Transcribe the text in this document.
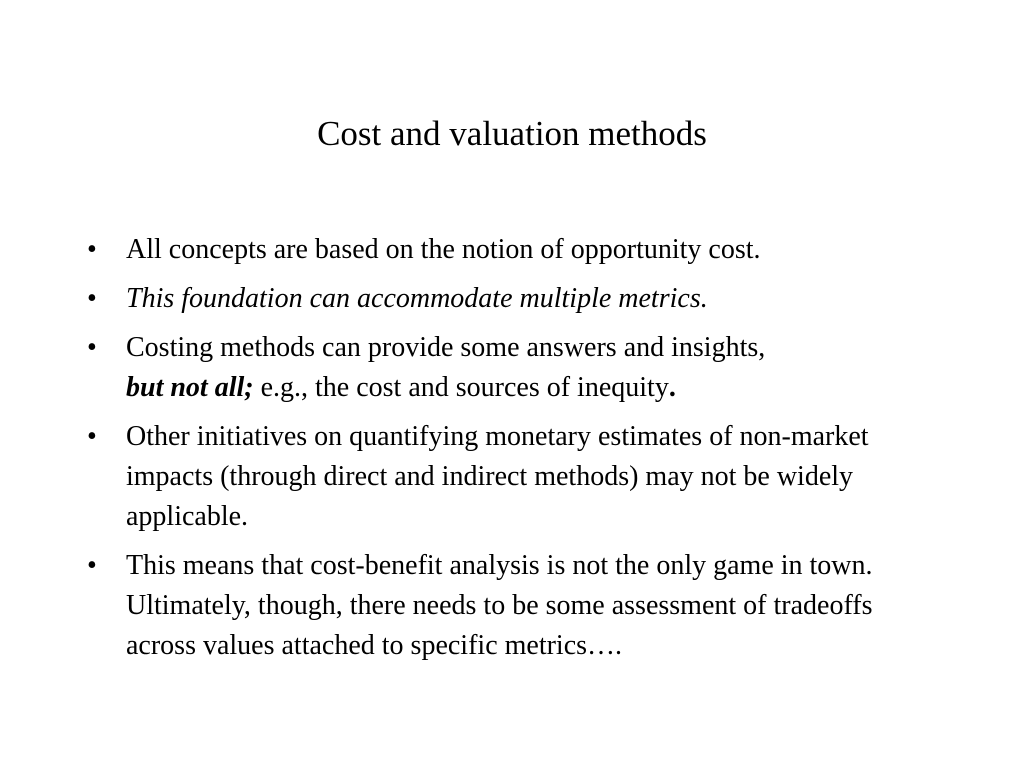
Cost and valuation methods
•	All concepts are based on the notion of opportunity cost.
•	This foundation can accommodate multiple metrics.
•	Costing methods can provide some answers and insights,
but not all; e.g., the cost and sources of inequity.
•	Other initiatives on quantifying monetary estimates of non-market impacts (through direct and indirect methods) may not be widely applicable.
•	This means that cost-benefit analysis is not the only game in town. Ultimately, though, there needs to be some assessment of tradeoffs across values attached to specific metrics….
